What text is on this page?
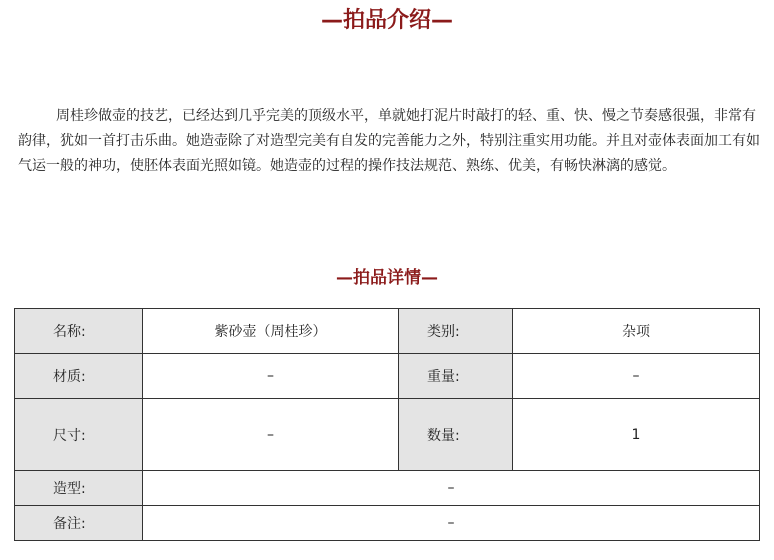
—拍品介绍—

周桂珍做壶的技艺，已经达到几乎完美的顶级水平，单就她打泥片时敲打的轻、重、快、慢之节奏感很强，非常有韵律，犹如一首打击乐曲。她造壶除了对造型完美有自发的完善能力之外，特别注重实用功能。并且对壶体表面加工有如气运一般的神功，使胚体表面光照如镜。她造壶的过程的操作技法规范、熟练、优美，有畅快淋漓的感觉。

—拍品详情—
名称:	紫砂壶（周桂珍）	类别:	杂项
材质:	–	重量:	–
尺寸:	–	数量:	1
造型:	–		
备注:	–		
